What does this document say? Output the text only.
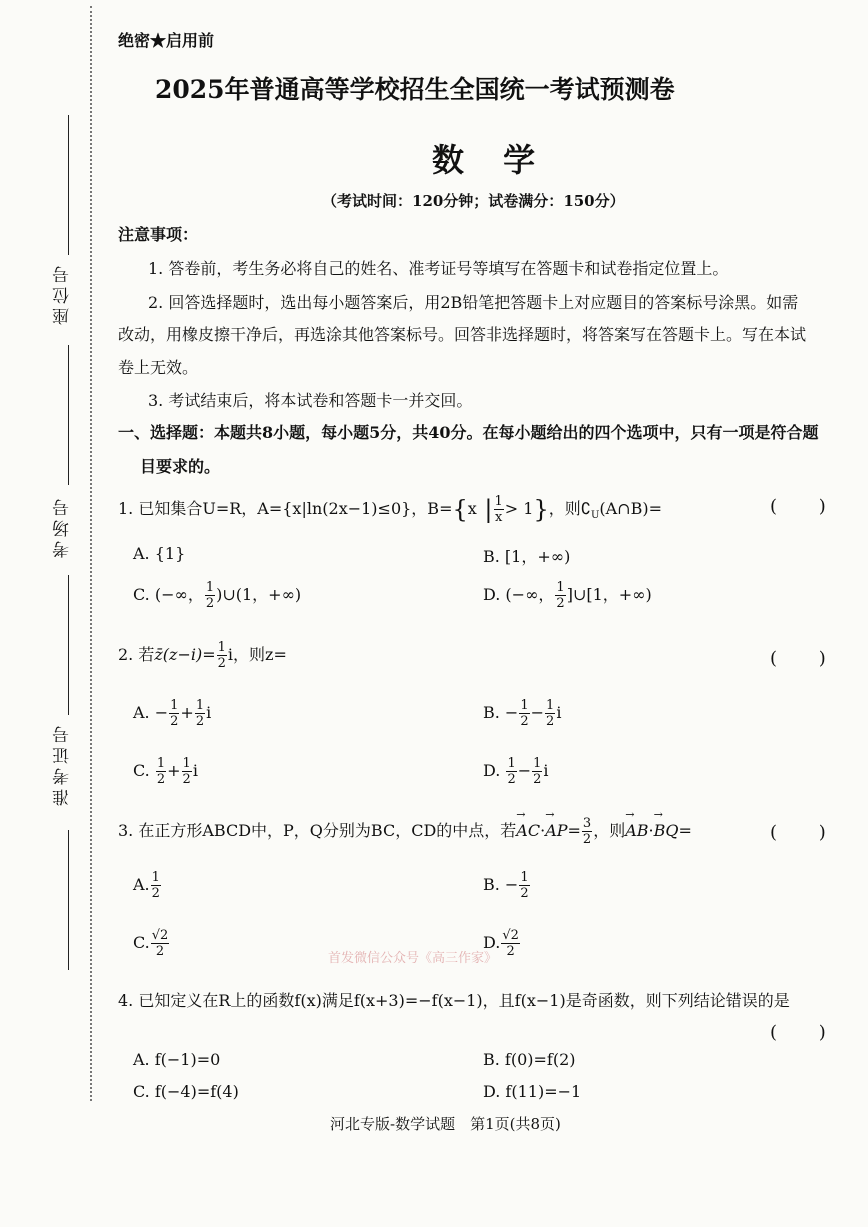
座位号
考场号
准考证号
绝密★启用前
2025年普通高等学校招生全国统一考试预测卷
数 学
（考试时间：120分钟；试卷满分：150分）
注意事项：
1. 答卷前，考生务必将自己的姓名、准考证号等填写在答题卡和试卷指定位置上。
2. 回答选择题时，选出每小题答案后，用2B铅笔把答题卡上对应题目的答案标号涂黑。如需
改动，用橡皮擦干净后，再选涂其他答案标号。回答非选择题时，将答案写在答题卡上。写在本试
卷上无效。
3. 考试结束后，将本试卷和答题卡一并交回。
一、选择题：本题共8小题，每小题5分，共40分。在每小题给出的四个选项中，只有一项是符合题
目要求的。
1. 已知集合U=R，A={x|ln(2x−1)≤0}，B={x | $\frac{1}{x} > 1$}，则$∁_U(A\cap B)=$	( )
A. {1}	B. [1，+∞)
C. (−∞， $\frac{1}{2}$ )∪(1，+∞)	D. (−∞， $\frac{1}{2}$ ]∪[1，+∞)
2. 若z̄(z−i)= $\frac{1}{2}$ i，则z=	( )
A. − $\frac{1}{2} + \frac{1}{2}$ i	B. − $\frac{1}{2} - \frac{1}{2}$ i
C. $\frac{1}{2} + \frac{1}{2}$ i	D. $\frac{1}{2} - \frac{1}{2}$ i
3. 在正方形ABCD中，P，Q分别为BC，CD的中点，若→ $AC\cdot\to AP= \frac{3}{2}$ ，则→ AB·→ BQ=	( )
A. $\frac{1}{2}$	B. − $\frac{1}{2}$
C. $\frac{√2}{2}$	D. $\frac{√2}{2}$
首发微信公众号《高三作家》
4. 已知定义在R上的函数f(x)满足f(x+3)=−f(x−1)，且f(x−1)是奇函数，则下列结论错误的是
( )
A. f(−1)=0	B. f(0)=f(2)
C. f(−4)=f(4)	D. f(11)=−1
河北专版-数学试题　第1页(共8页)
